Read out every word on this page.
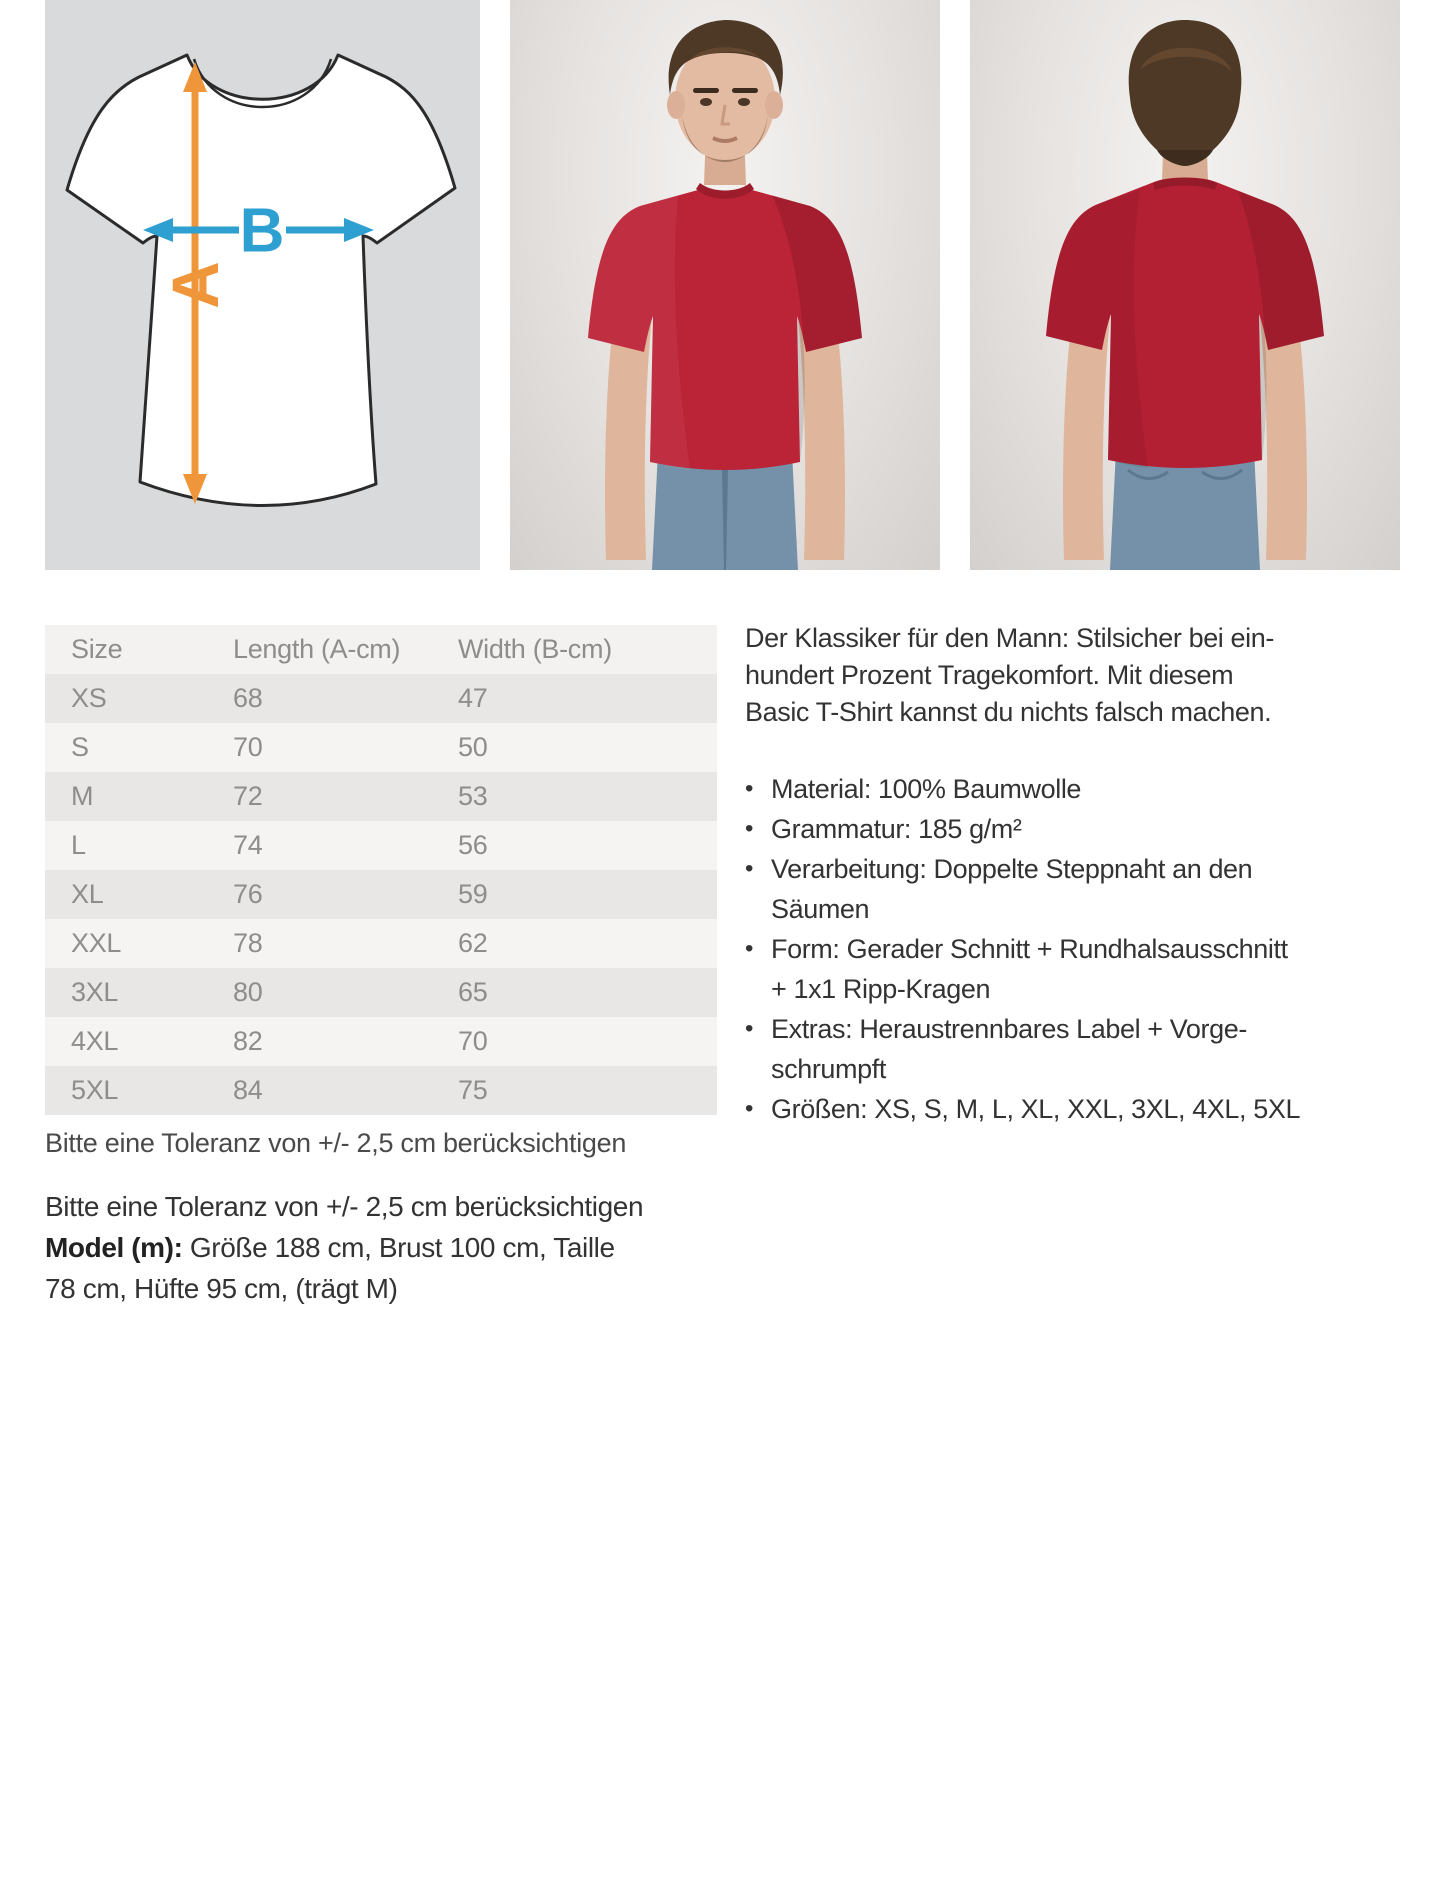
A
B
Size	Length (A-cm)	Width (B-cm)
XS	68	47
S	70	50
M	72	53
L	74	56
XL	76	59
XXL	78	62
3XL	80	65
4XL	82	70
5XL	84	75
Bitte eine Toleranz von +/- 2,5 cm berücksichtigen
Bitte eine Toleranz von +/- 2,5 cm berücksichtigen
Model (m): Größe 188 cm, Brust 100 cm, Taille
78 cm, Hüfte 95 cm, (trägt M)
Der Klassiker für den Mann: Stilsicher bei ein-
hundert Prozent Tragekomfort. Mit diesem
Basic T-Shirt kannst du nichts falsch machen.
• Material: 100% Baumwolle
• Grammatur: 185 g/m²
• Verarbeitung: Doppelte Steppnaht an den
Säumen
• Form: Gerader Schnitt + Rundhalsausschnitt
+ 1x1 Ripp-Kragen
• Extras: Heraustrennbares Label + Vorge-
schrumpft
• Größen: XS, S, M, L, XL, XXL, 3XL, 4XL, 5XL
